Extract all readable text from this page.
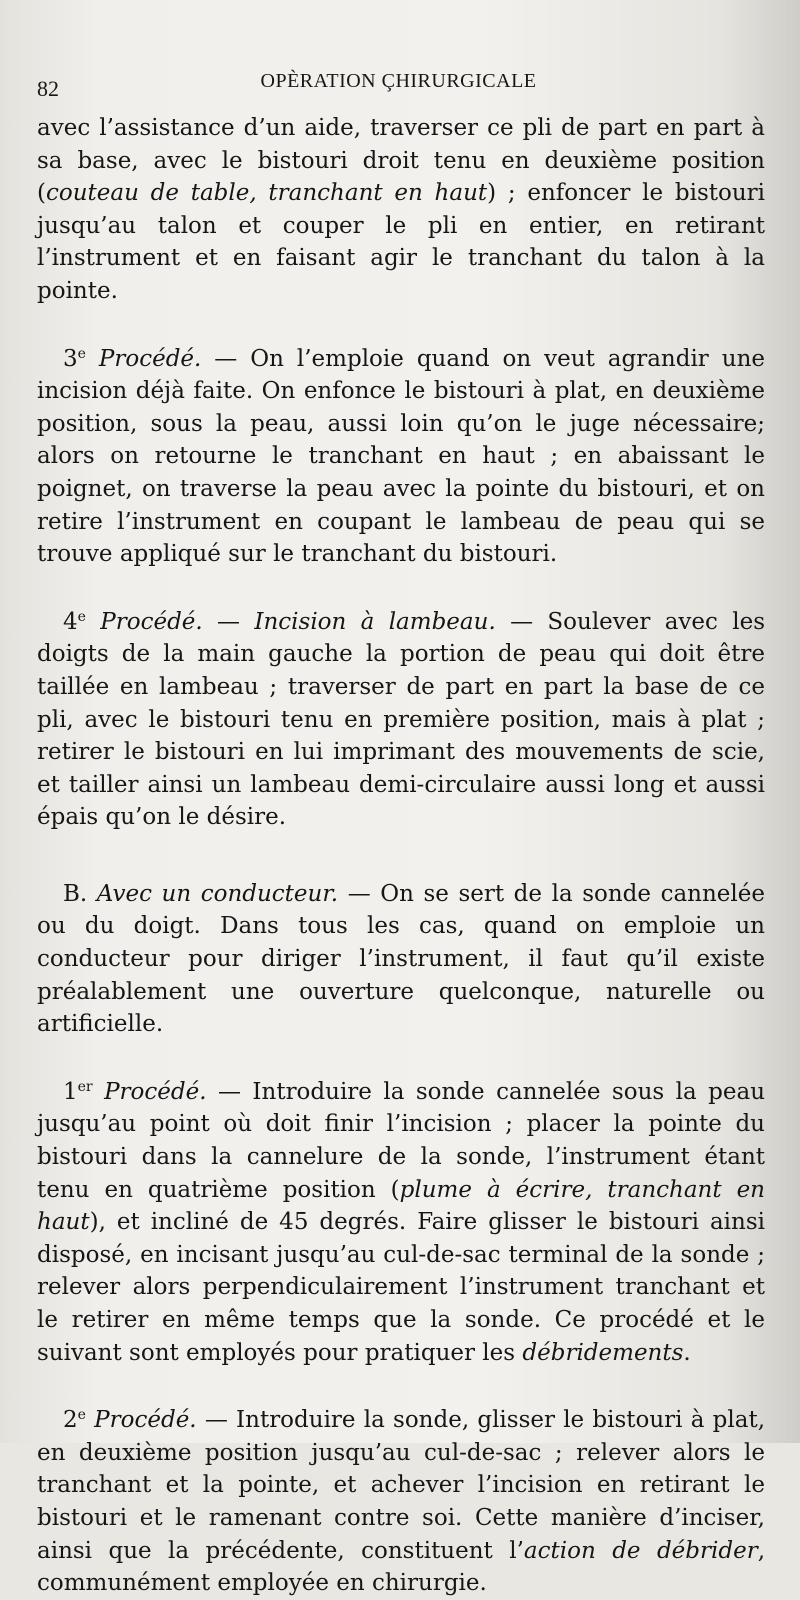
82	OPÈRATION ÇHIRURGICALE

avec l’assistance d’un aide, traverser ce pli de part en part à sa base, avec le bistouri droit tenu en deuxième position (couteau de table, tranchant en haut) ; enfoncer le bistouri jusqu’au talon et couper le pli en entier, en retirant l’instrument et en faisant agir le tranchant du talon à la pointe.

3e Procédé. — On l’emploie quand on veut agrandir une incision déjà faite. On enfonce le bistouri à plat, en deuxième position, sous la peau, aussi loin qu’on le juge nécessaire; alors on retourne le tranchant en haut ; en abaissant le poignet, on traverse la peau avec la pointe du bistouri, et on retire l’instrument en coupant le lambeau de peau qui se trouve appliqué sur le tranchant du bistouri.

4e Procédé. — Incision à lambeau. — Soulever avec les doigts de la main gauche la portion de peau qui doit être taillée en lambeau ; traverser de part en part la base de ce pli, avec le bistouri tenu en première position, mais à plat ; retirer le bistouri en lui imprimant des mouvements de scie, et tailler ainsi un lambeau demi-circulaire aussi long et aussi épais qu’on le désire.

B. Avec un conducteur. — On se sert de la sonde cannelée ou du doigt. Dans tous les cas, quand on emploie un conducteur pour diriger l’instrument, il faut qu’il existe préalablement une ouverture quelconque, naturelle ou artificielle.

1er Procédé. — Introduire la sonde cannelée sous la peau jusqu’au point où doit finir l’incision ; placer la pointe du bistouri dans la cannelure de la sonde, l’instrument étant tenu en quatrième position (plume à écrire, tranchant en haut), et incliné de 45 degrés. Faire glisser le bistouri ainsi disposé, en incisant jusqu’au cul-de-sac terminal de la sonde ; relever alors perpendiculairement l’instrument tranchant et le retirer en même temps que la sonde. Ce procédé et le suivant sont employés pour pratiquer les débridements.

2e Procédé. — Introduire la sonde, glisser le bistouri à plat, en deuxième position jusqu’au cul-de-sac ; relever alors le tranchant et la pointe, et achever l’incision en retirant le bistouri et le ramenant contre soi. Cette manière d’inciser, ainsi que la précédente, constituent l’action de débrider, communément employée en chirurgie.
